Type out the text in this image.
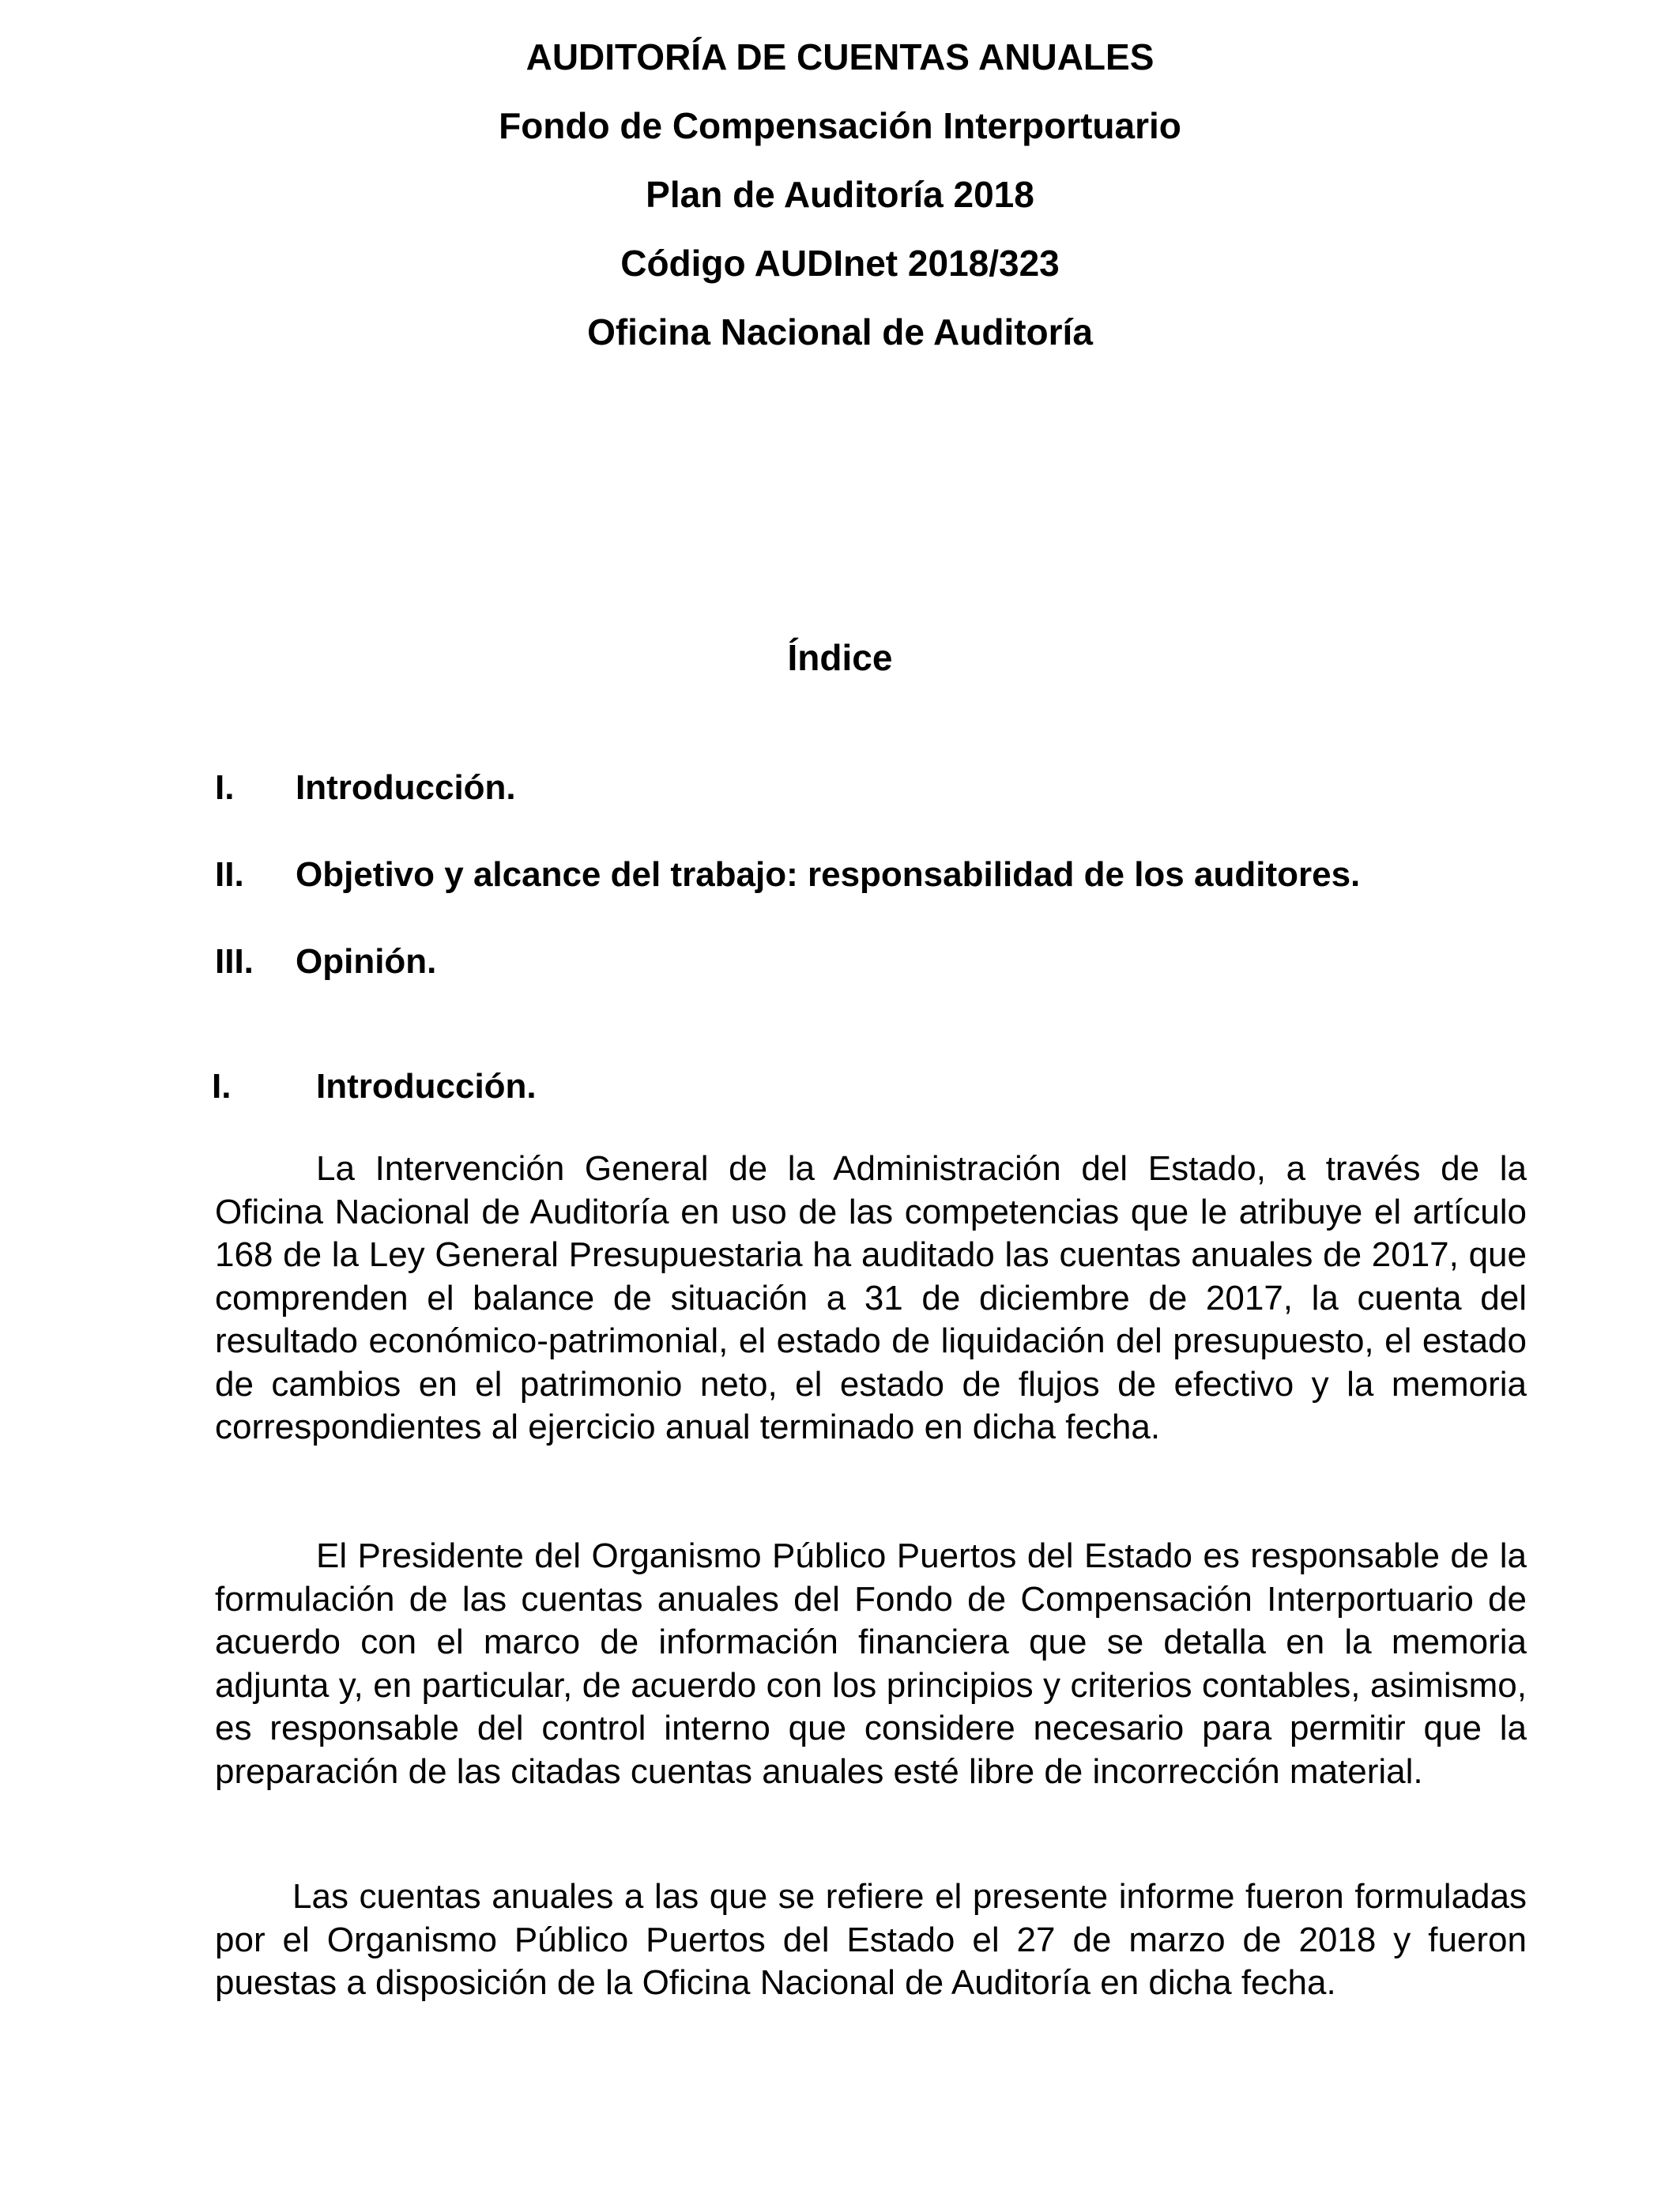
AUDITORÍA DE CUENTAS ANUALES
Fondo de Compensación Interportuario
Plan de Auditoría 2018
Código AUDInet 2018/323
Oficina Nacional de Auditoría
Índice
I. Introducción.
II. Objetivo y alcance del trabajo: responsabilidad de los auditores.
III. Opinión.
I. Introducción.

La Intervención General de la Administración del Estado, a través de la Oficina Nacional de Auditoría en uso de las competencias que le atribuye el artículo 168 de la Ley General Presupuestaria ha auditado las cuentas anuales de 2017, que comprenden el balance de situación a 31 de diciembre de 2017, la cuenta del resultado económico-patrimonial, el estado de liquidación del presupuesto, el estado de cambios en el patrimonio neto, el estado de flujos de efectivo y la memoria correspondientes al ejercicio anual terminado en dicha fecha.

El Presidente del Organismo Público Puertos del Estado es responsable de la formulación de las cuentas anuales del Fondo de Compensación Interportuario de acuerdo con el marco de información financiera que se detalla en la memoria adjunta y, en particular, de acuerdo con los principios y criterios contables, asimismo, es responsable del control interno que considere necesario para permitir que la preparación de las citadas cuentas anuales esté libre de incorrección material.

Las cuentas anuales a las que se refiere el presente informe fueron formuladas por el Organismo Público Puertos del Estado el 27 de marzo de 2018 y fueron puestas a disposición de la Oficina Nacional de Auditoría en dicha fecha.
